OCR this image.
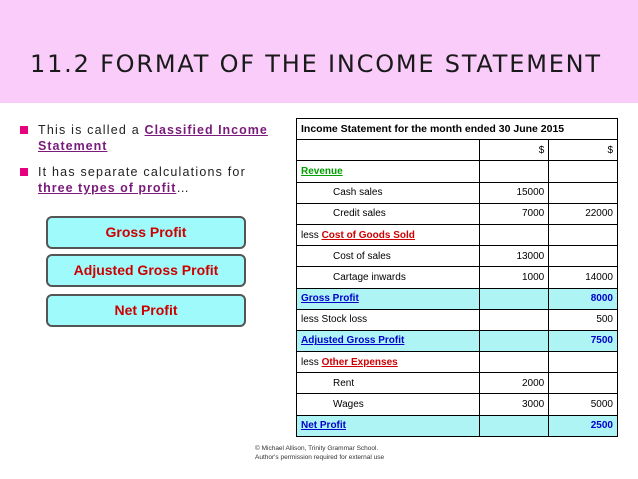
11.2 FORMAT OF THE INCOME STATEMENT
This is called a Classified Income Statement
It has separate calculations for three types of profit…
Gross Profit
Adjusted Gross Profit
Net Profit
Income Statement for the month ended 30 June 2015		
	$	$
Revenue		
Cash sales	15000	
Credit sales	7000	22000
less Cost of Goods Sold		
Cost of sales	13000	
Cartage inwards	1000	14000
Gross Profit		8000
less Stock loss		500
Adjusted Gross Profit		7500
less Other Expenses		
Rent	2000	
Wages	3000	5000
Net Profit		2500
© Michael Allison, Trinity Grammar School.
Author's permission required for external use
